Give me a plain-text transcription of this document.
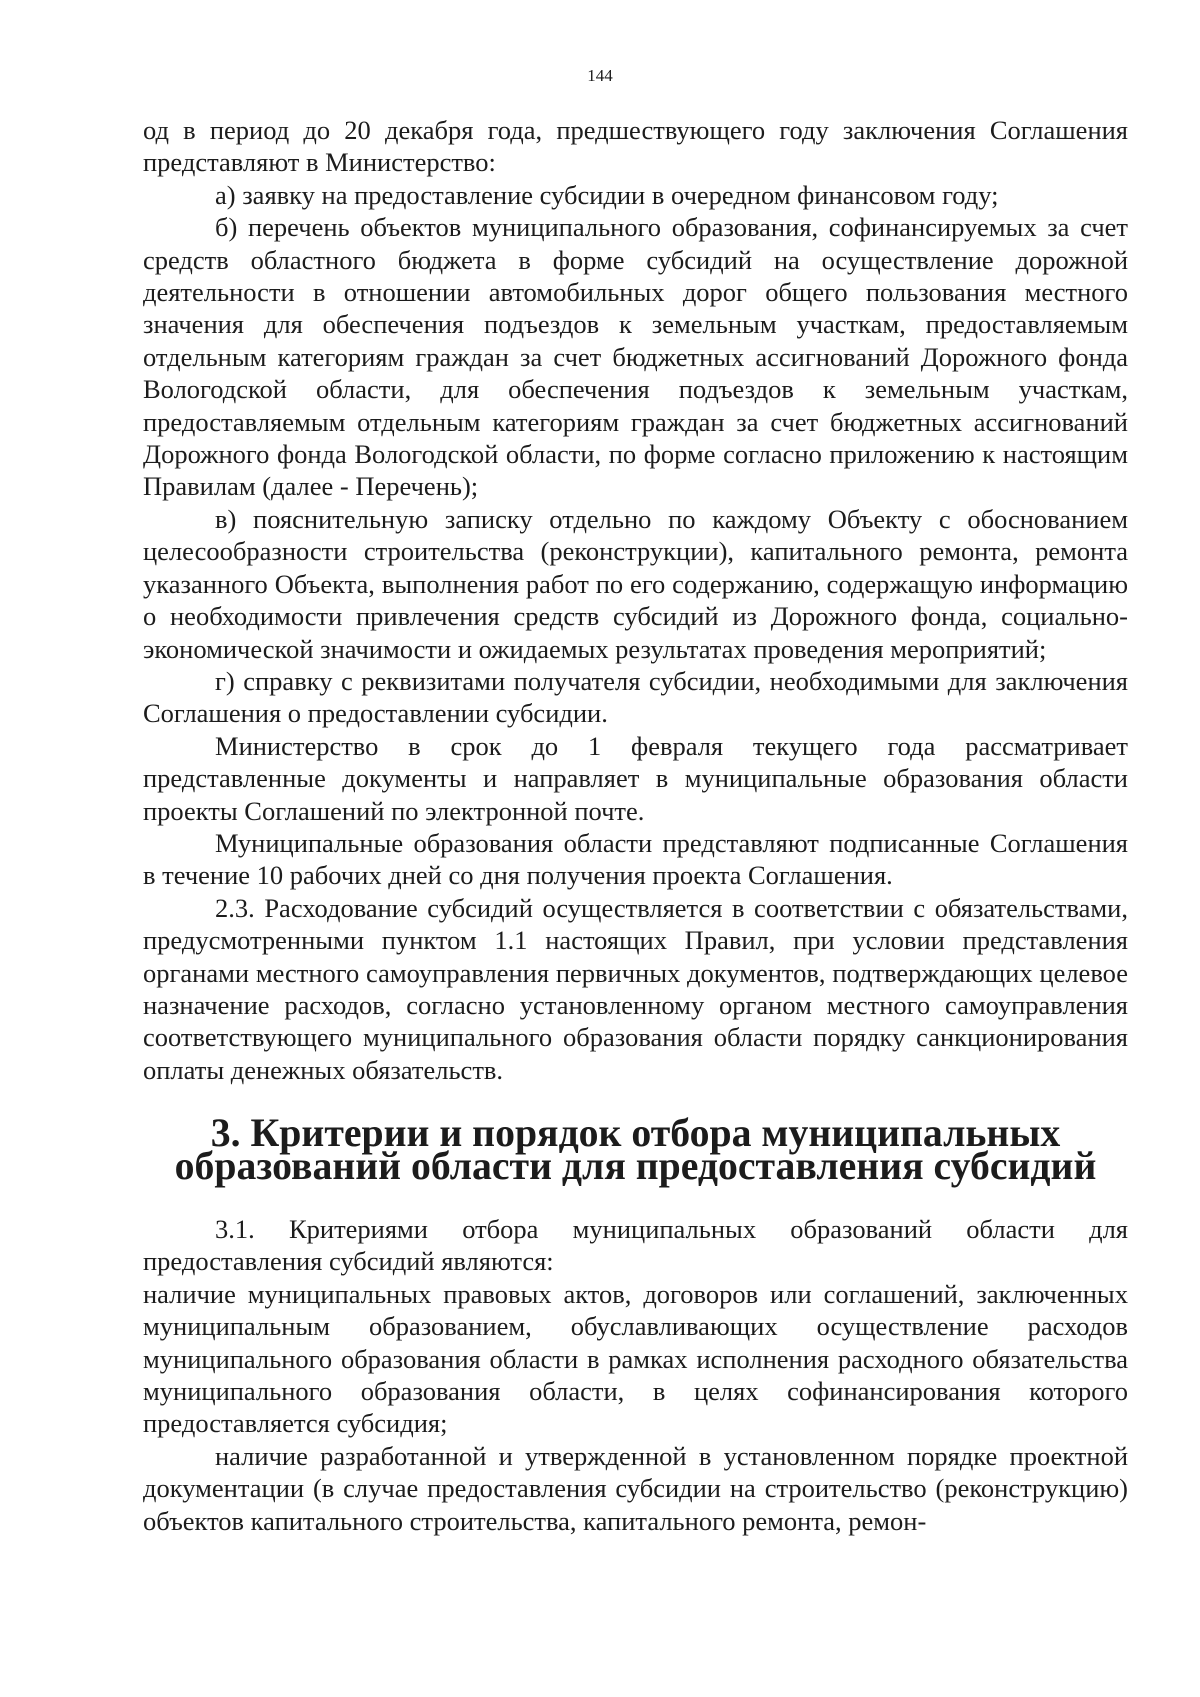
144

од в период до 20 декабря года, предшествующего году заключения Соглашения представляют в Министерство:

а) заявку на предоставление субсидии в очередном финансовом году;

б) перечень объектов муниципального образования, софинансируемых за счет средств областного бюджета в форме субсидий на осуществление дорожной деятельности в отношении автомобильных дорог общего пользования местного значения для обеспечения подъездов к земельным участкам, предоставляемым отдельным категориям граждан за счет бюджетных ассигнований Дорожного фонда Вологодской области, для обеспечения подъездов к земельным участкам, предоставляемым отдельным категориям граждан за счет бюджетных ассигнований Дорожного фонда Вологодской области, по форме согласно приложению к настоящим Правилам (далее - Перечень);

в) пояснительную записку отдельно по каждому Объекту с обоснованием целесообразности строительства (реконструкции), капитального ремонта, ремонта указанного Объекта, выполнения работ по его содержанию, содержащую информацию о необходимости привлечения средств субсидий из Дорожного фонда, социально-экономической значимости и ожидаемых результатах проведения мероприятий;

г) справку с реквизитами получателя субсидии, необходимыми для заключения Соглашения о предоставлении субсидии.

Министерство в срок до 1 февраля текущего года рассматривает представленные документы и направляет в муниципальные образования области проекты Соглашений по электронной почте.

Муниципальные образования области представляют подписанные Соглашения в течение 10 рабочих дней со дня получения проекта Соглашения.

2.3. Расходование субсидий осуществляется в соответствии с обязательствами, предусмотренными пунктом 1.1 настоящих Правил, при условии представления органами местного самоуправления первичных документов, подтверждающих целевое назначение расходов, согласно установленному органом местного самоуправления соответствующего муниципального образования области порядку санкционирования оплаты денежных обязательств.

3. Критерии и порядок отбора муниципальных
образований области для предоставления субсидий

3.1. Критериями отбора муниципальных образований области для предоставления субсидий являются:

наличие муниципальных правовых актов, договоров или соглашений, заключенных муниципальным образованием, обуславливающих осуществление расходов муниципального образования области в рамках исполнения расходного обязательства муниципального образования области, в целях софинансирования которого предоставляется субсидия;

наличие разработанной и утвержденной в установленном порядке проектной документации (в случае предоставления субсидии на строительство (реконструкцию) объектов капитального строительства, капитального ремонта, ремон-
